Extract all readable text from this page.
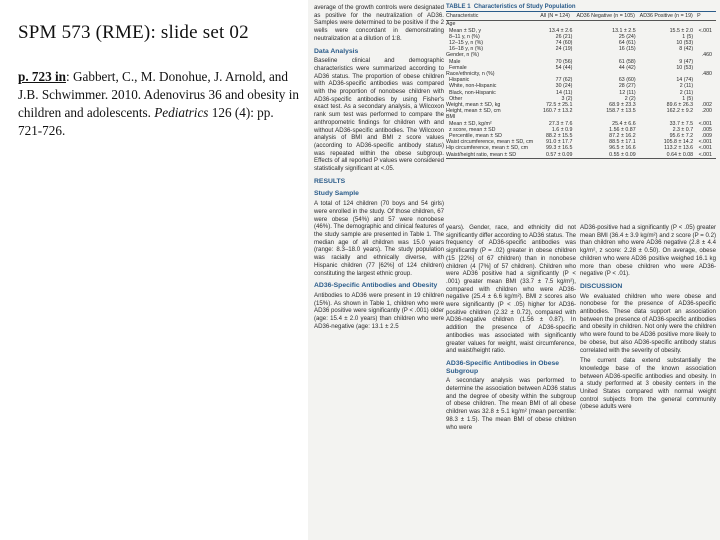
SPM 573 (RME): slide set 02
p. 723 in: Gabbert, C., M. Donohue, J. Arnold, and J.B. Schwimmer. 2010. Adenovirus 36 and obesity in children and adolescents. Pediatrics 126 (4): pp. 721-726.

average of the growth controls were designated as positive for the neutralization of AD36. Samples were determined to be positive if the 2 wells were concordant in demonstrating neutralization at a dilution of 1:8.

Data Analysis

Baseline clinical and demographic characteristics were summarized according to AD36 status. The proportion of obese children with AD36-specific antibodies was compared with the proportion of nonobese children with AD36-specific antibodies by using Fisher's exact test. As a secondary analysis, a Wilcoxon rank sum test was performed to compare the anthropometric findings for children with and without AD36-specific antibodies. The Wilcoxon analysis of BMI and BMI z score values (according to AD36-specific antibody status) was repeated within the obese subgroup. Effects of all reported P values were considered statistically significant at <.05.

RESULTS
Study Sample

A total of 124 children (70 boys and 54 girls) were enrolled in the study. Of those children, 67 were obese (54%) and 57 were nonobese (46%). The demographic and clinical features of the study sample are presented in Table 1. The median age of all children was 15.0 years (range: 8.3–18.0 years). The study population was racially and ethnically diverse, with Hispanic children (77 [62%] of 124 children) constituting the largest ethnic group.

AD36-Specific Antibodies and Obesity

Antibodies to AD36 were present in 19 children (15%). As shown in Table 1, children who were AD36 positive were significantly (P < .001) older (age: 15.4 ± 2.0 years) than children who were AD36-negative (age: 13.1 ± 2.5

TABLE 1 Characteristics of Study Population
Characteristic	All (N = 124)	AD36 Negative (n = 105)	AD36 Positive (n = 19)	P
Age				
Mean ± SD, y	13.4 ± 2.6	13.1 ± 2.5	15.5 ± 2.0	<.001
8–11 y, n (%)	26 (21)	25 (24)	1 (5)	
12–15 y, n (%)	74 (60)	64 (61)	10 (53)	
16–18 y, n (%)	24 (19)	16 (15)	8 (42)	
Gender, n (%)				.460
Male	70 (56)	61 (58)	9 (47)	
Female	54 (44)	44 (42)	10 (53)	
Race/ethnicity, n (%)				.480
Hispanic	77 (62)	63 (60)	14 (74)	
White, non-Hispanic	30 (24)	28 (27)	2 (11)	
Black, non-Hispanic	14 (11)	12 (11)	2 (11)	
Other	3 (2)	2 (2)	1 (5)	
Weight, mean ± SD, kg	72.5 ± 25.1	68.9 ± 23.3	89.6 ± 26.3	.002
Height, mean ± SD, cm	160.7 ± 13.2	158.7 ± 13.5	162.2 ± 9.2	.200
BMI				
Mean ± SD, kg/m²	27.3 ± 7.6	25.4 ± 6.6	33.7 ± 7.5	<.001
z score, mean ± SD	1.6 ± 0.9	1.56 ± 0.87	2.3 ± 0.7	.005
Percentile, mean ± SD	88.2 ± 15.5	87.2 ± 16.2	95.6 ± 7.2	.009
Waist circumference, mean ± SD, cm	91.0 ± 17.7	88.5 ± 17.1	105.8 ± 14.2	<.001
Hip circumference, mean ± SD, cm	99.3 ± 16.5	96.5 ± 16.6	113.2 ± 13.6	<.001
Waist/height ratio, mean ± SD	0.57 ± 0.09	0.55 ± 0.09	0.64 ± 0.08	<.001

years). Gender, race, and ethnicity did not significantly differ according to AD36 status. The frequency of AD36-specific antibodies was significantly (P = .02) greater in obese children (15 [22%] of 67 children) than in nonobese children (4 [7%] of 57 children). Children who were AD36 positive had a significantly (P < .001) greater mean BMI (33.7 ± 7.5 kg/m²), compared with children who were AD36-negative (25.4 ± 6.6 kg/m²). BMI z scores also were significantly (P < .05) higher for AD36-positive children (2.32 ± 0.72), compared with AD36-negative children (1.56 ± 0.87). In addition the presence of AD36-specific antibodies was associated with significantly greater values for weight, waist circumference, and waist/height ratio.

AD36-Specific Antibodies in Obese Subgroup

A secondary analysis was performed to determine the association between AD36 status and the degree of obesity within the subgroup of obese children. The mean BMI of all obese children was 32.8 ± 5.1 kg/m² (mean percentile: 98.3 ± 1.5). The mean BMI of obese children who were

AD36-positive had a significantly (P < .05) greater mean BMI (36.4 ± 3.9 kg/m²) and z score (P = 0.2) than children who were AD36 negative (2.8 ± 4.4 kg/m², z score: 2.28 ± 0.50). On average, obese children who were AD36 positive weighed 16.1 kg more than obese children who were AD36-negative (P < .01).

DISCUSSION

We evaluated children who were obese and nonobese for the presence of AD36-specific antibodies. These data support an association between the presence of AD36-specific antibodies and obesity in children. Not only were the children who were found to be AD36 positive more likely to be obese, but also AD36-specific antibody status correlated with the severity of obesity.

The current data extend substantially the knowledge base of the known association between AD36-specific antibodies and obesity. In a study performed at 3 obesity centers in the United States compared with normal weight control subjects from the general community (obese adults were
